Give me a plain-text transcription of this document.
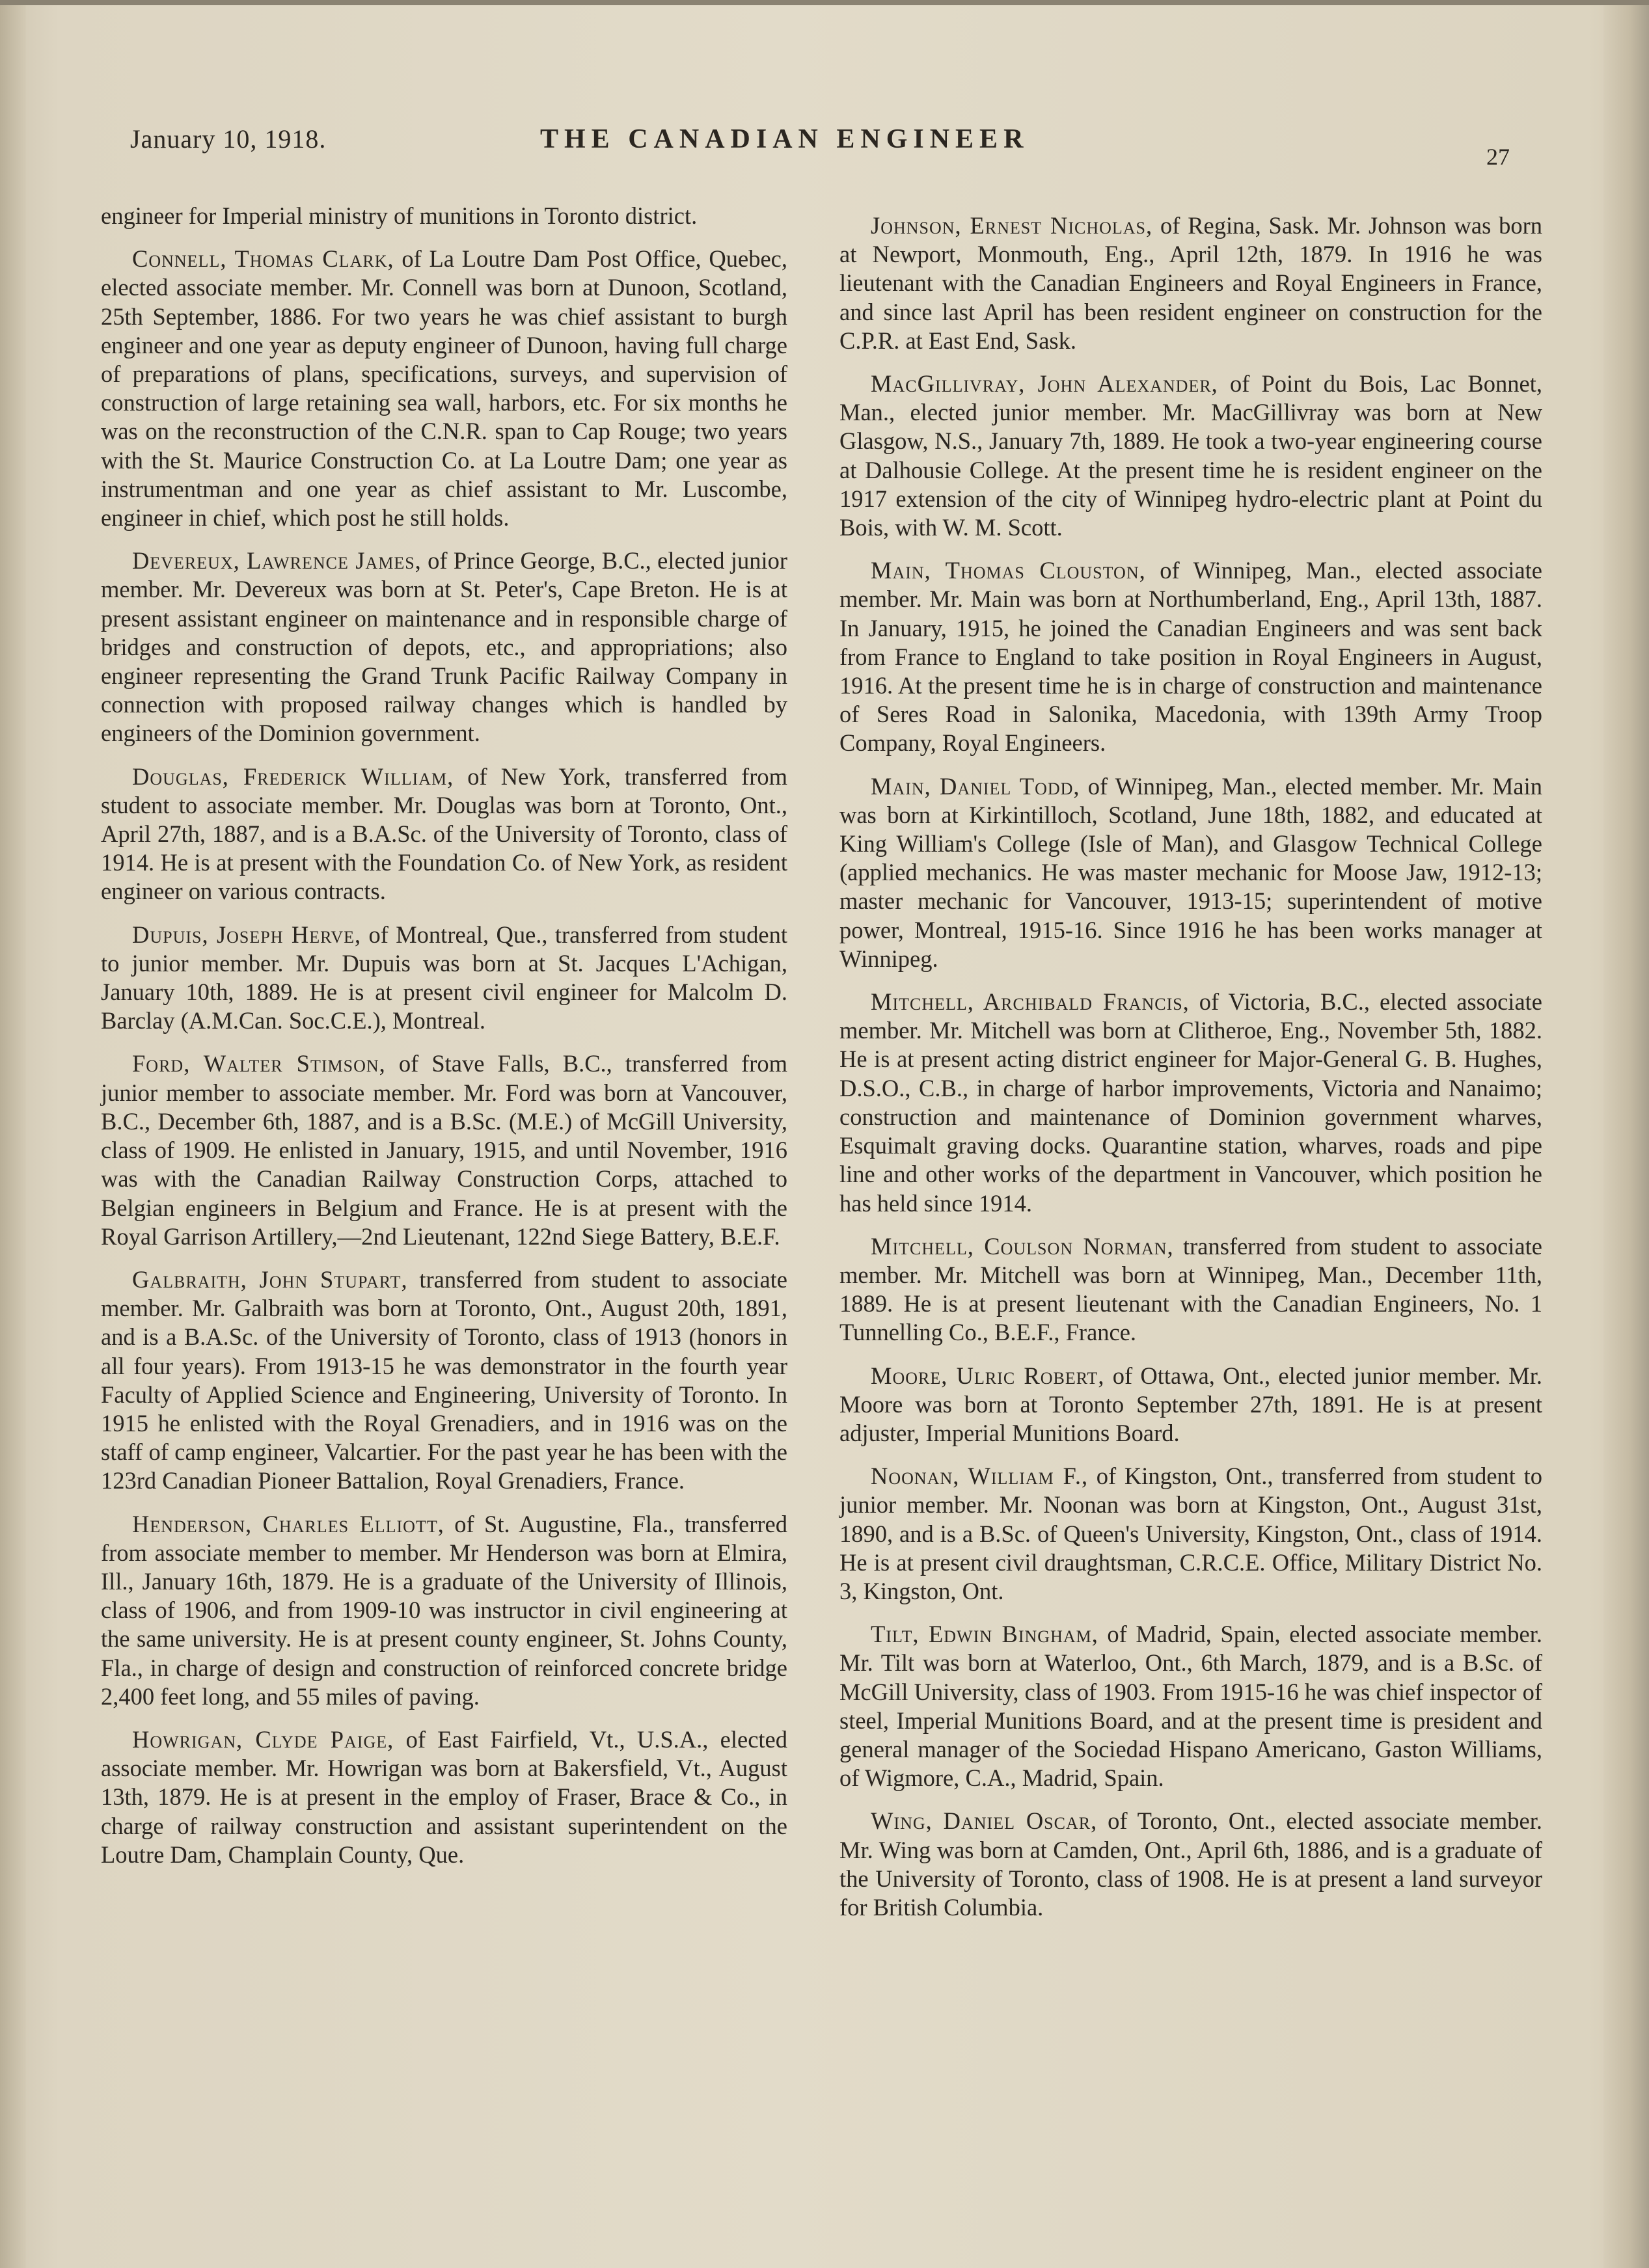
January 10, 1918.	THE CANADIAN ENGINEER
27

engineer for Imperial ministry of munitions in Toronto district.

Connell, Thomas Clark, of La Loutre Dam Post Office, Quebec, elected associate member. Mr. Connell was born at Dunoon, Scotland, 25th September, 1886. For two years he was chief assistant to burgh engineer and one year as deputy engineer of Dunoon, having full charge of preparations of plans, specifications, surveys, and supervision of construction of large retaining sea wall, harbors, etc. For six months he was on the reconstruction of the C.N.R. span to Cap Rouge; two years with the St. Maurice Construction Co. at La Loutre Dam; one year as instrumentman and one year as chief assistant to Mr. Luscombe, engineer in chief, which post he still holds.

Devereux, Lawrence James, of Prince George, B.C., elected junior member. Mr. Devereux was born at St. Peter's, Cape Breton. He is at present assistant engineer on maintenance and in responsible charge of bridges and construction of depots, etc., and appropriations; also engineer representing the Grand Trunk Pacific Railway Company in connection with proposed railway changes which is handled by engineers of the Dominion government.

Douglas, Frederick William, of New York, transferred from student to associate member. Mr. Douglas was born at Toronto, Ont., April 27th, 1887, and is a B.A.Sc. of the University of Toronto, class of 1914. He is at present with the Foundation Co. of New York, as resident engineer on various contracts.

Dupuis, Joseph Herve, of Montreal, Que., transferred from student to junior member. Mr. Dupuis was born at St. Jacques L'Achigan, January 10th, 1889. He is at present civil engineer for Malcolm D. Barclay (A.M.Can. Soc.C.E.), Montreal.

Ford, Walter Stimson, of Stave Falls, B.C., transferred from junior member to associate member. Mr. Ford was born at Vancouver, B.C., December 6th, 1887, and is a B.Sc. (M.E.) of McGill University, class of 1909. He enlisted in January, 1915, and until November, 1916 was with the Canadian Railway Construction Corps, attached to Belgian engineers in Belgium and France. He is at present with the Royal Garrison Artillery,—2nd Lieutenant, 122nd Siege Battery, B.E.F.

Galbraith, John Stupart, transferred from student to associate member. Mr. Galbraith was born at Toronto, Ont., August 20th, 1891, and is a B.A.Sc. of the University of Toronto, class of 1913 (honors in all four years). From 1913-15 he was demonstrator in the fourth year Faculty of Applied Science and Engineering, University of Toronto. In 1915 he enlisted with the Royal Grenadiers, and in 1916 was on the staff of camp engineer, Valcartier. For the past year he has been with the 123rd Canadian Pioneer Battalion, Royal Grenadiers, France.

Henderson, Charles Elliott, of St. Augustine, Fla., transferred from associate member to member. Mr Henderson was born at Elmira, Ill., January 16th, 1879. He is a graduate of the University of Illinois, class of 1906, and from 1909-10 was instructor in civil engineering at the same university. He is at present county engineer, St. Johns County, Fla., in charge of design and construction of reinforced concrete bridge 2,400 feet long, and 55 miles of paving.

Howrigan, Clyde Paige, of East Fairfield, Vt., U.S.A., elected associate member. Mr. Howrigan was born at Bakersfield, Vt., August 13th, 1879. He is at present in the employ of Fraser, Brace & Co., in charge of railway construction and assistant superintendent on the Loutre Dam, Champlain County, Que.

Johnson, Ernest Nicholas, of Regina, Sask. Mr. Johnson was born at Newport, Monmouth, Eng., April 12th, 1879. In 1916 he was lieutenant with the Canadian Engineers and Royal Engineers in France, and since last April has been resident engineer on construction for the C.P.R. at East End, Sask.

MacGillivray, John Alexander, of Point du Bois, Lac Bonnet, Man., elected junior member. Mr. MacGillivray was born at New Glasgow, N.S., January 7th, 1889. He took a two-year engineering course at Dalhousie College. At the present time he is resident engineer on the 1917 extension of the city of Winnipeg hydro-electric plant at Point du Bois, with W. M. Scott.

Main, Thomas Clouston, of Winnipeg, Man., elected associate member. Mr. Main was born at Northumberland, Eng., April 13th, 1887. In January, 1915, he joined the Canadian Engineers and was sent back from France to England to take position in Royal Engineers in August, 1916. At the present time he is in charge of construction and maintenance of Seres Road in Salonika, Macedonia, with 139th Army Troop Company, Royal Engineers.

Main, Daniel Todd, of Winnipeg, Man., elected member. Mr. Main was born at Kirkintilloch, Scotland, June 18th, 1882, and educated at King William's College (Isle of Man), and Glasgow Technical College (applied mechanics. He was master mechanic for Moose Jaw, 1912-13; master mechanic for Vancouver, 1913-15; superintendent of motive power, Montreal, 1915-16. Since 1916 he has been works manager at Winnipeg.

Mitchell, Archibald Francis, of Victoria, B.C., elected associate member. Mr. Mitchell was born at Clitheroe, Eng., November 5th, 1882. He is at present acting district engineer for Major-General G. B. Hughes, D.S.O., C.B., in charge of harbor improvements, Victoria and Nanaimo; construction and maintenance of Dominion government wharves, Esquimalt graving docks. Quarantine station, wharves, roads and pipe line and other works of the department in Vancouver, which position he has held since 1914.

Mitchell, Coulson Norman, transferred from student to associate member. Mr. Mitchell was born at Winnipeg, Man., December 11th, 1889. He is at present lieutenant with the Canadian Engineers, No. 1 Tunnelling Co., B.E.F., France.

Moore, Ulric Robert, of Ottawa, Ont., elected junior member. Mr. Moore was born at Toronto September 27th, 1891. He is at present adjuster, Imperial Munitions Board.

Noonan, William F., of Kingston, Ont., transferred from student to junior member. Mr. Noonan was born at Kingston, Ont., August 31st, 1890, and is a B.Sc. of Queen's University, Kingston, Ont., class of 1914. He is at present civil draughtsman, C.R.C.E. Office, Military District No. 3, Kingston, Ont.

Tilt, Edwin Bingham, of Madrid, Spain, elected associate member. Mr. Tilt was born at Waterloo, Ont., 6th March, 1879, and is a B.Sc. of McGill University, class of 1903. From 1915-16 he was chief inspector of steel, Imperial Munitions Board, and at the present time is president and general manager of the Sociedad Hispano Americano, Gaston Williams, of Wigmore, C.A., Madrid, Spain.

Wing, Daniel Oscar, of Toronto, Ont., elected associate member. Mr. Wing was born at Camden, Ont., April 6th, 1886, and is a graduate of the University of Toronto, class of 1908. He is at present a land surveyor for British Columbia.
